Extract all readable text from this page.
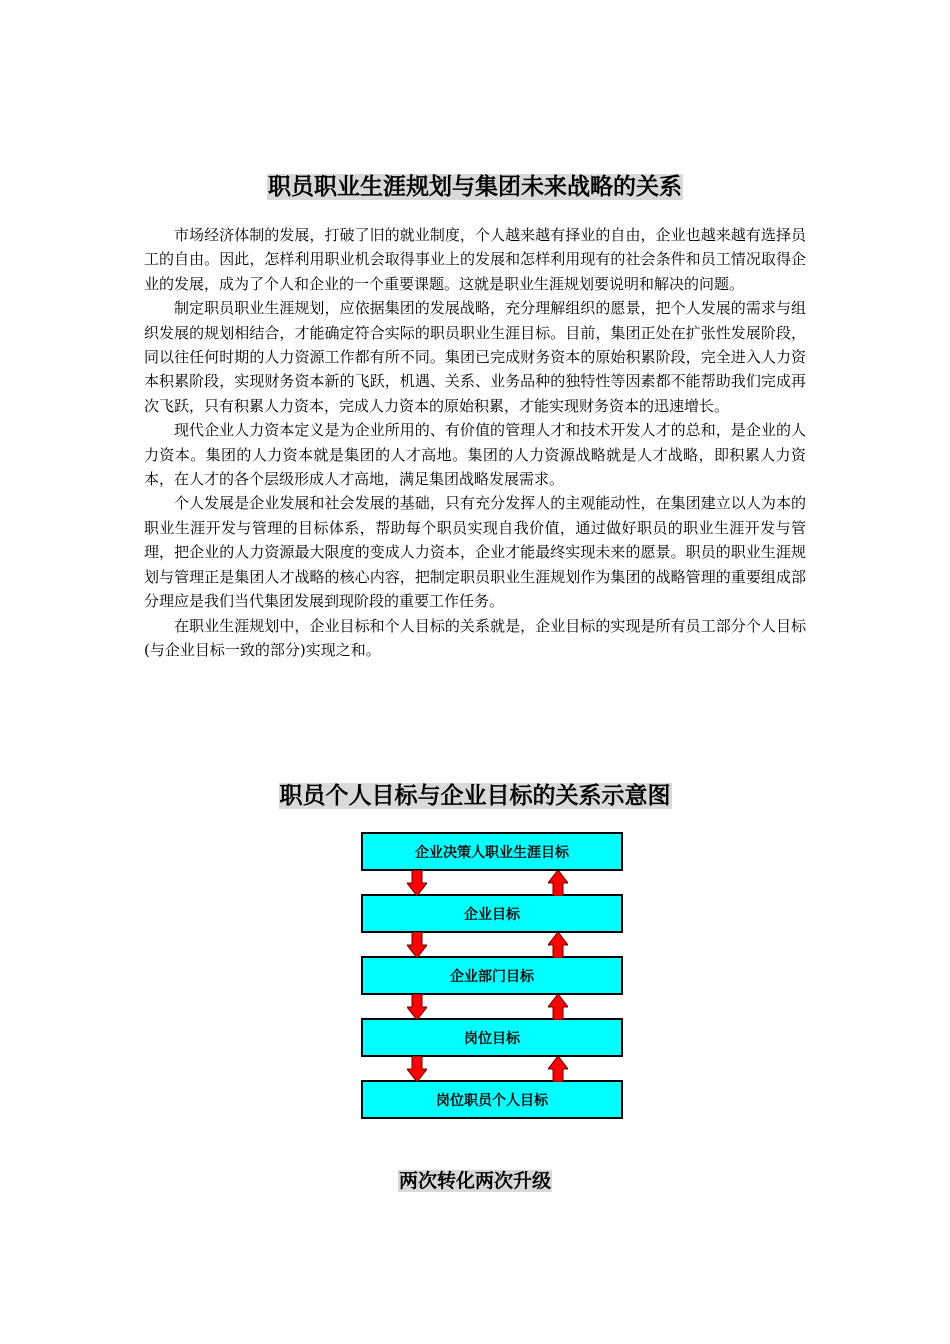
职员职业生涯规划与集团未来战略的关系

市场经济体制的发展，打破了旧的就业制度，个人越来越有择业的自由，企业也越来越有选择员工的自由。因此，怎样利用职业机会取得事业上的发展和怎样利用现有的社会条件和员工情况取得企业的发展，成为了个人和企业的一个重要课题。这就是职业生涯规划要说明和解决的问题。

制定职员职业生涯规划，应依据集团的发展战略，充分理解组织的愿景，把个人发展的需求与组织发展的规划相结合，才能确定符合实际的职员职业生涯目标。目前，集团正处在扩张性发展阶段，同以往任何时期的人力资源工作都有所不同。集团已完成财务资本的原始积累阶段，完全进入人力资本积累阶段，实现财务资本新的飞跃，机遇、关系、业务品种的独特性等因素都不能帮助我们完成再次飞跃，只有积累人力资本，完成人力资本的原始积累，才能实现财务资本的迅速增长。

现代企业人力资本定义是为企业所用的、有价值的管理人才和技术开发人才的总和，是企业的人力资本。集团的人力资本就是集团的人才高地。集团的人力资源战略就是人才战略，即积累人力资本，在人才的各个层级形成人才高地，满足集团战略发展需求。

个人发展是企业发展和社会发展的基础，只有充分发挥人的主观能动性，在集团建立以人为本的职业生涯开发与管理的目标体系，帮助每个职员实现自我价值，通过做好职员的职业生涯开发与管理，把企业的人力资源最大限度的变成人力资本，企业才能最终实现未来的愿景。职员的职业生涯规划与管理正是集团人才战略的核心内容，把制定职员职业生涯规划作为集团的战略管理的重要组成部分理应是我们当代集团发展到现阶段的重要工作任务。

在职业生涯规划中，企业目标和个人目标的关系就是，企业目标的实现是所有员工部分个人目标(与企业目标一致的部分)实现之和。

职员个人目标与企业目标的关系示意图
企业决策人职业生涯目标
企业目标
企业部门目标
岗位目标
岗位职员个人目标
两次转化两次升级
